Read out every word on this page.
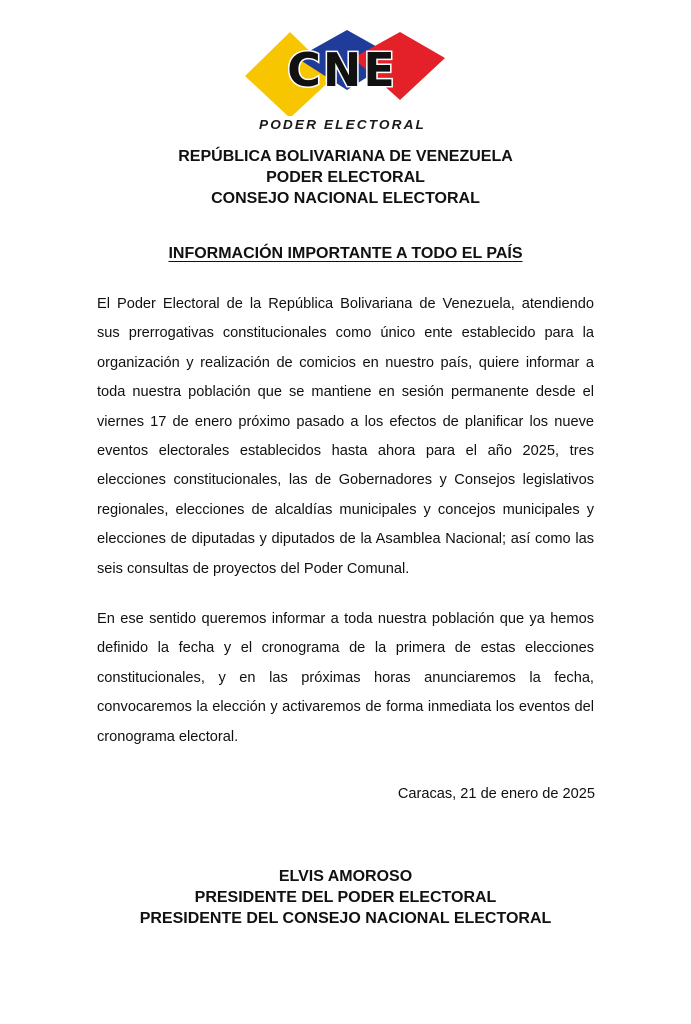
CNE
PODER ELECTORAL
REPÚBLICA BOLIVARIANA DE VENEZUELA
PODER ELECTORAL
CONSEJO NACIONAL ELECTORAL
INFORMACIÓN IMPORTANTE A TODO EL PAÍS

El Poder Electoral de la República Bolivariana de Venezuela, atendiendo sus prerrogativas constitucionales como único ente establecido para la organización y realización de comicios en nuestro país, quiere informar a toda nuestra población que se mantiene en sesión permanente desde el viernes 17 de enero próximo pasado a los efectos de planificar los nueve eventos electorales establecidos hasta ahora para el año 2025, tres elecciones constitucionales, las de Gobernadores y Consejos legislativos regionales, elecciones de alcaldías municipales y concejos municipales y elecciones de diputadas y diputados de la Asamblea Nacional; así como las seis consultas de proyectos del Poder Comunal.

En ese sentido queremos informar a toda nuestra población que ya hemos definido la fecha y el cronograma de la primera de estas elecciones constitucionales, y en las próximas horas anunciaremos la fecha, convocaremos la elección y activaremos de forma inmediata los eventos del cronograma electoral.

Caracas, 21 de enero de 2025
ELVIS AMOROSO
PRESIDENTE DEL PODER ELECTORAL
PRESIDENTE DEL CONSEJO NACIONAL ELECTORAL
